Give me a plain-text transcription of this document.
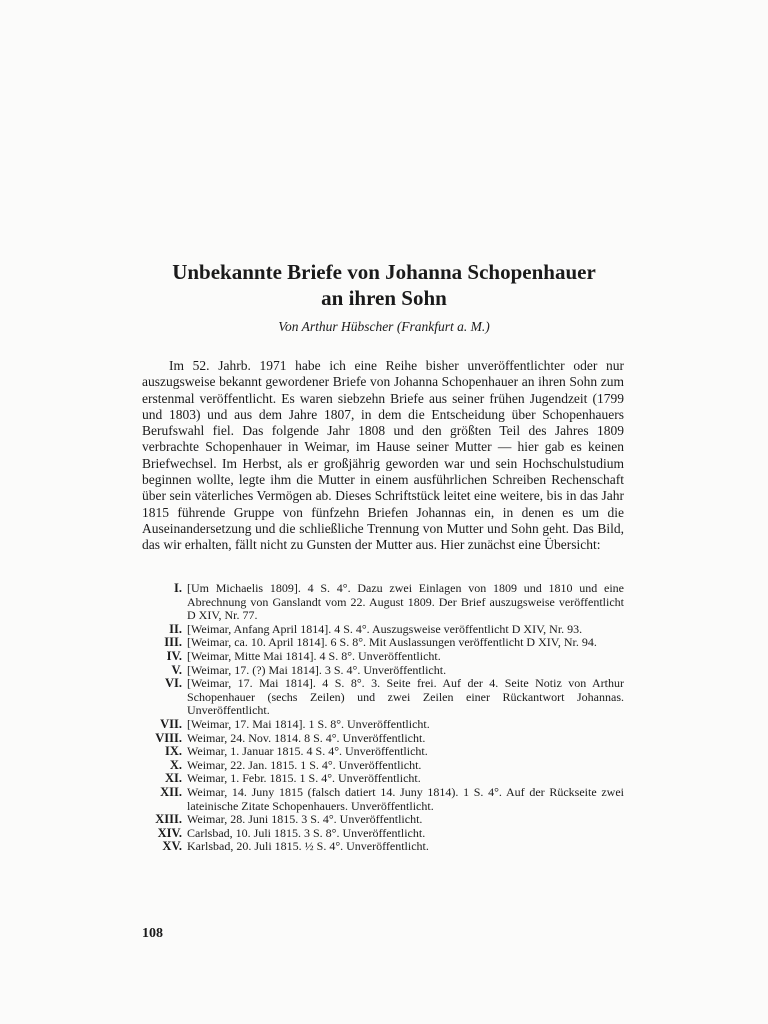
Unbekannte Briefe von Johanna Schopenhauer
an ihren Sohn

Von Arthur Hübscher (Frankfurt a. M.)

Im 52. Jahrb. 1971 habe ich eine Reihe bisher unveröffentlichter oder nur auszugsweise bekannt gewordener Briefe von Johanna Schopenhauer an ihren Sohn zum erstenmal veröffentlicht. Es waren siebzehn Briefe aus seiner frühen Jugendzeit (1799 und 1803) und aus dem Jahre 1807, in dem die Entscheidung über Schopenhauers Berufswahl fiel. Das folgende Jahr 1808 und den größten Teil des Jahres 1809 verbrachte Schopenhauer in Weimar, im Hause seiner Mutter — hier gab es keinen Briefwechsel. Im Herbst, als er großjährig geworden war und sein Hochschulstudium beginnen wollte, legte ihm die Mutter in einem ausführlichen Schreiben Rechenschaft über sein väterliches Vermögen ab. Dieses Schriftstück leitet eine weitere, bis in das Jahr 1815 führende Gruppe von fünfzehn Briefen Johannas ein, in denen es um die Auseinandersetzung und die schließliche Trennung von Mutter und Sohn geht. Das Bild, das wir erhalten, fällt nicht zu Gunsten der Mutter aus. Hier zunächst eine Übersicht:

I. [Um Michaelis 1809]. 4 S. 4°. Dazu zwei Einlagen von 1809 und 1810 und eine Abrechnung von Ganslandt vom 22. August 1809. Der Brief auszugsweise veröffentlicht D XIV, Nr. 77.
II. [Weimar, Anfang April 1814]. 4 S. 4°. Auszugsweise veröffentlicht D XIV, Nr. 93.
III. [Weimar, ca. 10. April 1814]. 6 S. 8°. Mit Auslassungen veröffentlicht D XIV, Nr. 94.
IV. [Weimar, Mitte Mai 1814]. 4 S. 8°. Unveröffentlicht.
V. [Weimar, 17. (?) Mai 1814]. 3 S. 4°. Unveröffentlicht.
VI. [Weimar, 17. Mai 1814]. 4 S. 8°. 3. Seite frei. Auf der 4. Seite Notiz von Arthur Schopenhauer (sechs Zeilen) und zwei Zeilen einer Rückantwort Johannas. Unveröffentlicht.
VII. [Weimar, 17. Mai 1814]. 1 S. 8°. Unveröffentlicht.
VIII. Weimar, 24. Nov. 1814. 8 S. 4°. Unveröffentlicht.
IX. Weimar, 1. Januar 1815. 4 S. 4°. Unveröffentlicht.
X. Weimar, 22. Jan. 1815. 1 S. 4°. Unveröffentlicht.
XI. Weimar, 1. Febr. 1815. 1 S. 4°. Unveröffentlicht.
XII. Weimar, 14. Juny 1815 (falsch datiert 14. Juny 1814). 1 S. 4°. Auf der Rückseite zwei lateinische Zitate Schopenhauers. Unveröffentlicht.
XIII. Weimar, 28. Juni 1815. 3 S. 4°. Unveröffentlicht.
XIV. Carlsbad, 10. Juli 1815. 3 S. 8°. Unveröffentlicht.
XV. Karlsbad, 20. Juli 1815. ½ S. 4°. Unveröffentlicht.

108
